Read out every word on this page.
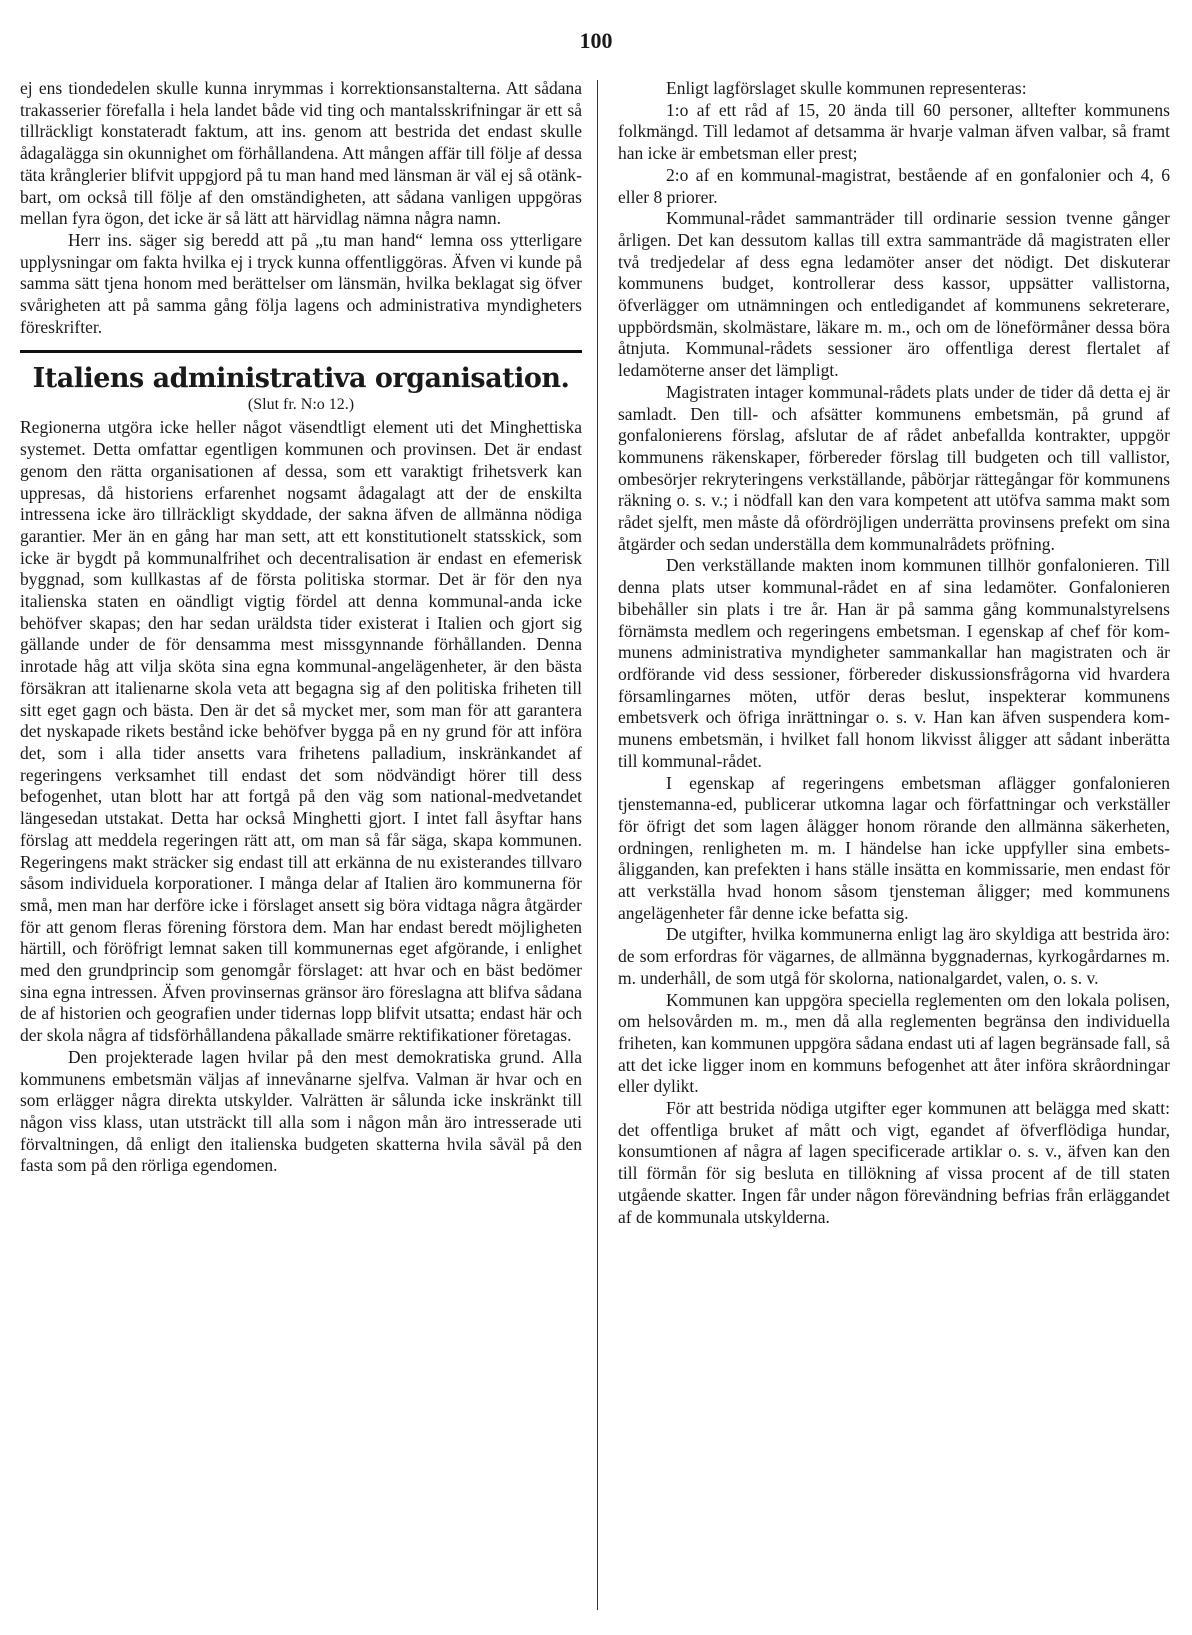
100

ej ens tiondedelen skulle kunna inrymmas i korrektionsanstalterna. Att sådana trakasserier förefalla i hela landet både vid ting och mantalsskrifningar är ett så tillräckligt konstateradt faktum, att ins. genom att bestrida det endast skulle ådagalägga sin okunnighet om förhållandena. Att mången affär till följe af dessa täta krånglerier blifvit uppgjord på tu man hand med länsman är väl ej så otänkbart, om också till följe af den omständigheten, att sådana vanligen uppgöras mellan fyra ögon, det icke är så lätt att härvidlag nämna några namn.

Herr ins. säger sig beredd att på „tu man hand“ lemna oss ytterligare upplysningar om fakta hvilka ej i tryck kunna offentliggöras. Äfven vi kunde på samma sätt tjena honom med berättelser om länsmän, hvilka beklagat sig öfver svårigheten att på samma gång följa lagens och administrativa myndigheters föreskrifter.

Italiens administrativa organisation.
(Slut fr. N:o 12.)

Regionerna utgöra icke heller något väsendtligt element uti det Minghettiska systemet. Detta omfattar egentligen kommunen och provinsen. Det är endast genom den rätta organisationen af dessa, som ett varaktigt frihetsverk kan uppresas, då historiens erfarenhet nogsamt ådagalagt att der de enskilta intressena icke äro tillräckligt skyddade, der sakna äfven de allmänna nödiga garantier. Mer än en gång har man sett, att ett konstitutionelt statsskick, som icke är bygdt på kommunalfrihet och decentralisation är endast en efemerisk byggnad, som kullkastas af de första politiska stormar. Det är för den nya italienska staten en oändligt vigtig fördel att denna kommunal-anda icke behöfver skapas; den har sedan uräldsta tider existerat i Italien och gjort sig gällande under de för densamma mest missgynnande förhållanden. Denna inrotade håg att vilja sköta sina egna kommunal-angelägenheter, är den bästa försäkran att italienarne skola veta att begagna sig af den politiska friheten till sitt eget gagn och bästa. Den är det så mycket mer, som man för att garantera det nyskapade rikets bestånd icke behöfver bygga på en ny grund för att införa det, som i alla tider ansetts vara frihetens palladium, inskränkandet af regeringens verksamhet till endast det som nödvändigt hörer till dess befogenhet, utan blott har att fortgå på den väg som national-medvetandet längesedan utstakat. Detta har också Minghetti gjort. I intet fall åsyftar hans förslag att meddela regeringen rätt att, om man så får säga, skapa kommunen. Regeringens makt sträcker sig endast till att erkänna de nu existerandes tillvaro såsom individuela korporationer. I många delar af Italien äro kommunerna för små, men man har derföre icke i förslaget ansett sig böra vidtaga några åtgärder för att genom fleras förening förstora dem. Man har endast beredt möjligheten härtill, och föröfrigt lemnat saken till kommunernas eget afgörande, i enlighet med den grundprincip som genomgår förslaget: att hvar och en bäst bedömer sina egna intressen. Äfven provinsernas gränsor äro föreslagna att blifva sådana de af historien och geografien under tidernas lopp blifvit utsatta; endast här och der skola några af tidsförhållandena påkallade smärre rektifikationer företagas.

Den projekterade lagen hvilar på den mest demokratiska grund. Alla kommunens embetsmän väljas af innevånarne sjelfva. Valman är hvar och en som erlägger några direkta utskylder. Valrätten är sålunda icke inskränkt till någon viss klass, utan utsträckt till alla som i någon mån äro intresserade uti förvaltningen, då enligt den italienska budgeten skatterna hvila såväl på den fasta som på den rörliga egendomen.

Enligt lagförslaget skulle kommunen representeras:

1:o af ett råd af 15, 20 ända till 60 personer, alltefter kommunens folkmängd. Till ledamot af detsamma är hvarje valman äfven valbar, så framt han icke är embetsman eller prest;

2:o af en kommunal-magistrat, bestående af en gonfalonier och 4, 6 eller 8 priorer.

Kommunal-rådet sammanträder till ordinarie session tvenne gånger årligen. Det kan dessutom kallas till extra sammanträde då magistraten eller två tredjedelar af dess egna ledamöter anser det nödigt. Det diskuterar kommunens budget, kontrollerar dess kassor, uppsätter vallistorna, öfverlägger om utnämningen och entledigandet af kommunens sekreterare, uppbördsmän, skolmästare, läkare m. m., och om de löneförmåner dessa böra åtnjuta. Kommunal-rådets sessioner äro offentliga derest flertalet af ledamöterne anser det lämpligt.

Magistraten intager kommunal-rådets plats under de tider då detta ej är samladt. Den till- och afsätter kommunens embetsmän, på grund af gonfalonierens förslag, afslutar de af rådet anbefallda kontrakter, uppgör kommunens räkenskaper, förbereder förslag till budgeten och till vallistor, ombesörjer rekryteringens verkställande, påbörjar rättegångar för kommunens räkning o. s. v.; i nödfall kan den vara kompetent att utöfva samma makt som rådet sjelft, men måste då ofördröjligen underrätta provinsens prefekt om sina åtgärder och sedan underställa dem kommunalrådets pröfning.

Den verkställande makten inom kommunen tillhör gonfalonieren. Till denna plats utser kommunal-rådet en af sina ledamöter. Gonfalonieren bibehåller sin plats i tre år. Han är på samma gång kommunalstyrelsens förnämsta medlem och regeringens embetsman. I egenskap af chef för kommunens administrativa myndigheter sammankallar han magistraten och är ordförande vid dess sessioner, förbereder diskussionsfrågorna vid hvardera församlingarnes möten, utför deras beslut, inspekterar kommunens embetsverk och öfriga inrättningar o. s. v. Han kan äfven suspendera kommunens embetsmän, i hvilket fall honom likvisst åligger att sådant inberätta till kommunal-rådet.

I egenskap af regeringens embetsman aflägger gonfalonieren tjenstemanna-ed, publicerar utkomna lagar och författningar och verkställer för öfrigt det som lagen ålägger honom rörande den allmänna säkerheten, ordningen, renligheten m. m. I händelse han icke uppfyller sina embetsåligganden, kan prefekten i hans ställe insätta en kommissarie, men endast för att verkställa hvad honom såsom tjensteman åligger; med kommunens angelägenheter får denne icke befatta sig.

De utgifter, hvilka kommunerna enligt lag äro skyldiga att bestrida äro: de som erfordras för vägarnes, de allmänna byggnadernas, kyrkogårdarnes m. m. underhåll, de som utgå för skolorna, nationalgardet, valen, o. s. v.

Kommunen kan uppgöra speciella reglementen om den lokala polisen, om helsovården m. m., men då alla reglementen begränsa den individuella friheten, kan kommunen uppgöra sådana endast uti af lagen begränsade fall, så att det icke ligger inom en kommuns befogenhet att åter införa skråordningar eller dylikt.

För att bestrida nödiga utgifter eger kommunen att belägga med skatt: det offentliga bruket af mått och vigt, egandet af öfverflödiga hundar, konsumtionen af några af lagen specificerade artiklar o. s. v., äfven kan den till förmån för sig besluta en tillökning af vissa procent af de till staten utgående skatter. Ingen får under någon förevändning befrias från erläggandet af de kommunala utskylderna.
